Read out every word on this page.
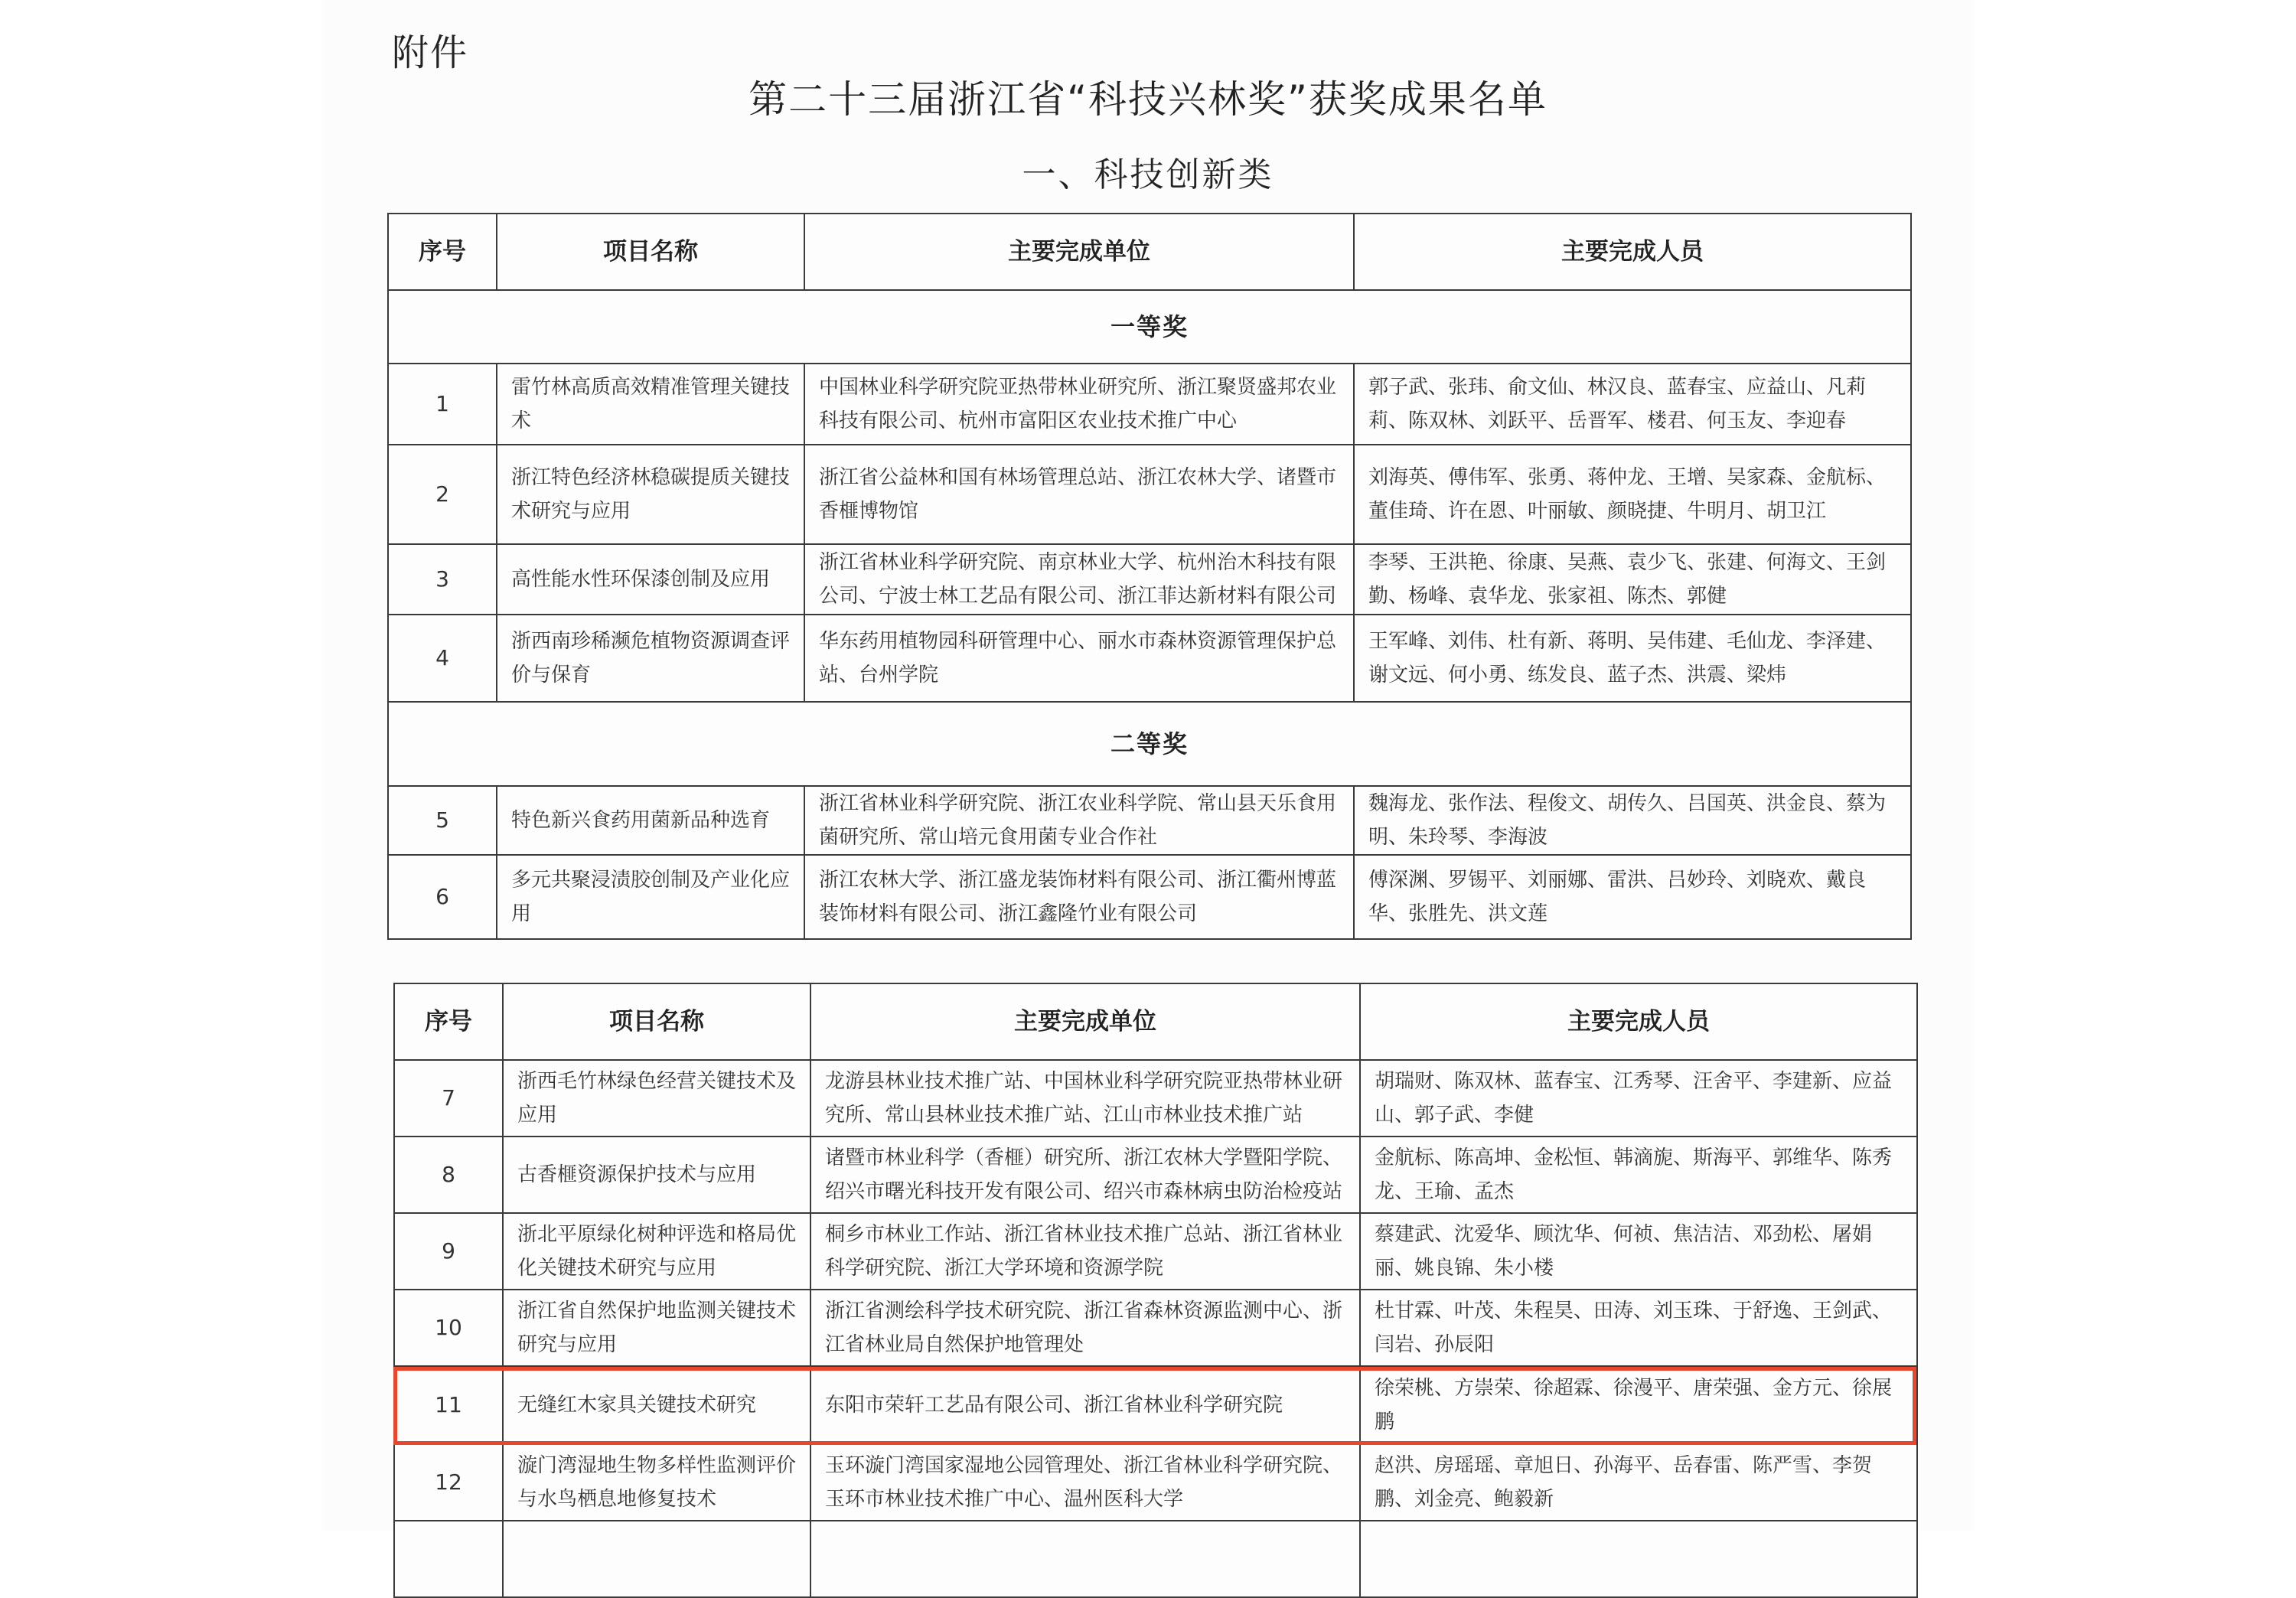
附件
第二十三届浙江省“科技兴林奖”获奖成果名单
一、科技创新类
序号	项目名称	主要完成单位	主要完成人员
一等奖			
1	雷竹林高质高效精准管理关键技术	中国林业科学研究院亚热带林业研究所、浙江聚贤盛邦农业科技有限公司、杭州市富阳区农业技术推广中心	郭子武、张玮、俞文仙、林汉良、蓝春宝、应益山、凡莉莉、陈双林、刘跃平、岳晋军、楼君、何玉友、李迎春
2	浙江特色经济林稳碳提质关键技术研究与应用	浙江省公益林和国有林场管理总站、浙江农林大学、诸暨市香榧博物馆	刘海英、傅伟军、张勇、蒋仲龙、王增、吴家森、金航标、董佳琦、许在恩、叶丽敏、颜晓捷、牛明月、胡卫江
3	高性能水性环保漆创制及应用	浙江省林业科学研究院、南京林业大学、杭州治木科技有限公司、宁波士林工艺品有限公司、浙江菲达新材料有限公司	李琴、王洪艳、徐康、吴燕、袁少飞、张建、何海文、王剑勤、杨峰、袁华龙、张家祖、陈杰、郭健
4	浙西南珍稀濒危植物资源调查评价与保育	华东药用植物园科研管理中心、丽水市森林资源管理保护总站、台州学院	王军峰、刘伟、杜有新、蒋明、吴伟建、毛仙龙、李泽建、谢文远、何小勇、练发良、蓝子杰、洪震、梁炜
二等奖			
5	特色新兴食药用菌新品种选育	浙江省林业科学研究院、浙江农业科学院、常山县天乐食用菌研究所、常山培元食用菌专业合作社	魏海龙、张作法、程俊文、胡传久、吕国英、洪金良、蔡为明、朱玲琴、李海波
6	多元共聚浸渍胶创制及产业化应用	浙江农林大学、浙江盛龙装饰材料有限公司、浙江衢州博蓝装饰材料有限公司、浙江鑫隆竹业有限公司	傅深渊、罗锡平、刘丽娜、雷洪、吕妙玲、刘晓欢、戴良华、张胜先、洪文莲
序号	项目名称	主要完成单位	主要完成人员
7	浙西毛竹林绿色经营关键技术及应用	龙游县林业技术推广站、中国林业科学研究院亚热带林业研究所、常山县林业技术推广站、江山市林业技术推广站	胡瑞财、陈双林、蓝春宝、江秀琴、汪舍平、李建新、应益山、郭子武、李健
8	古香榧资源保护技术与应用	诸暨市林业科学（香榧）研究所、浙江农林大学暨阳学院、绍兴市曙光科技开发有限公司、绍兴市森林病虫防治检疫站	金航标、陈高坤、金松恒、韩滴旎、斯海平、郭维华、陈秀龙、王瑜、孟杰
9	浙北平原绿化树种评选和格局优化关键技术研究与应用	桐乡市林业工作站、浙江省林业技术推广总站、浙江省林业科学研究院、浙江大学环境和资源学院	蔡建武、沈爱华、顾沈华、何祯、焦洁洁、邓劲松、屠娟丽、姚良锦、朱小楼
10	浙江省自然保护地监测关键技术研究与应用	浙江省测绘科学技术研究院、浙江省森林资源监测中心、浙江省林业局自然保护地管理处	杜甘霖、叶茂、朱程昊、田涛、刘玉珠、于舒逸、王剑武、闫岩、孙辰阳
11	无缝红木家具关键技术研究	东阳市荣轩工艺品有限公司、浙江省林业科学研究院	徐荣桃、方崇荣、徐超霖、徐漫平、唐荣强、金方元、徐展鹏
12	漩门湾湿地生物多样性监测评价与水鸟栖息地修复技术	玉环漩门湾国家湿地公园管理处、浙江省林业科学研究院、玉环市林业技术推广中心、温州医科大学	赵洪、房瑶瑶、章旭日、孙海平、岳春雷、陈严雪、李贺鹏、刘金亮、鲍毅新
